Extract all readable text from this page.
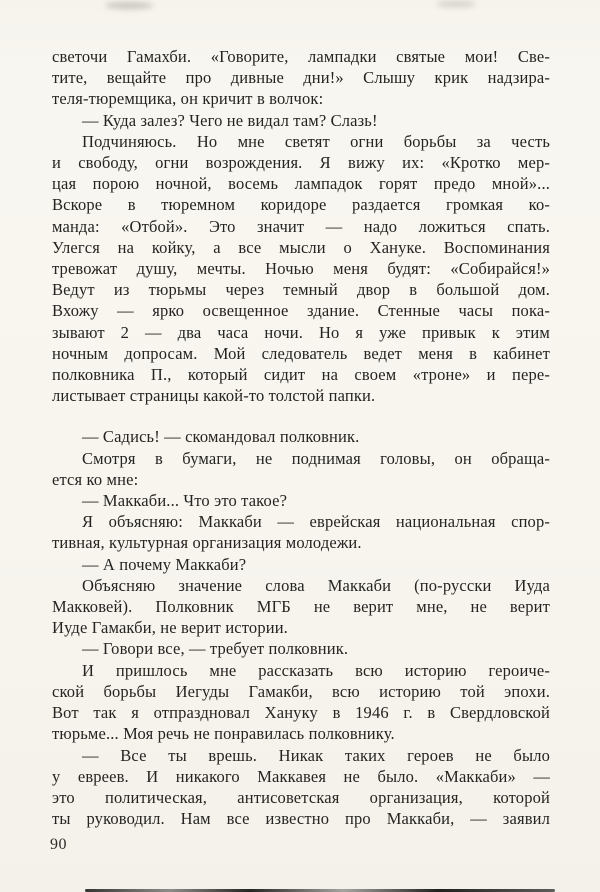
светочи Гамахби. «Говорите, лампадки святые мои! Све-
тите, вещайте про дивные дни!» Слышу крик надзира-
теля-тюремщика, он кричит в волчок:
— Куда залез? Чего не видал там? Слазь!
Подчиняюсь. Но мне светят огни борьбы за честь
и свободу, огни возрождения. Я вижу их: «Кротко мер-
цая порою ночной, восемь лампадок горят предо мной»...
Вскоре в тюремном коридоре раздается громкая ко-
манда: «Отбой». Это значит — надо ложиться спать.
Улегся на койку, а все мысли о Хануке. Воспоминания
тревожат душу, мечты. Ночью меня будят: «Собирайся!»
Ведут из тюрьмы через темный двор в большой дом.
Вхожу — ярко освещенное здание. Стенные часы пока-
зывают 2 — два часа ночи. Но я уже привык к этим
ночным допросам. Мой следователь ведет меня в кабинет
полковника П., который сидит на своем «троне» и пере-
листывает страницы какой-то толстой папки.
— Садись! — скомандовал полковник.
Смотря в бумаги, не поднимая головы, он обраща-
ется ко мне:
— Маккаби... Что это такое?
Я объясняю: Маккаби — еврейская национальная спор-
тивная, культурная организация молодежи.
— А почему Маккаби?
Объясняю значение слова Маккаби (по-русски Иуда
Макковей). Полковник МГБ не верит мне, не верит
Иуде Гамакби, не верит истории.
— Говори все, — требует полковник.
И пришлось мне рассказать всю историю героиче-
ской борьбы Иегуды Гамакби, всю историю той эпохи.
Вот так я отпраздновал Хануку в 1946 г. в Свердловской
тюрьме... Моя речь не понравилась полковнику.
— Все ты врешь. Никак таких героев не было
у евреев. И никакого Маккавея не было. «Маккаби» —
это политическая, антисоветская организация, которой
ты руководил. Нам все известно про Маккаби, — заявил
90
